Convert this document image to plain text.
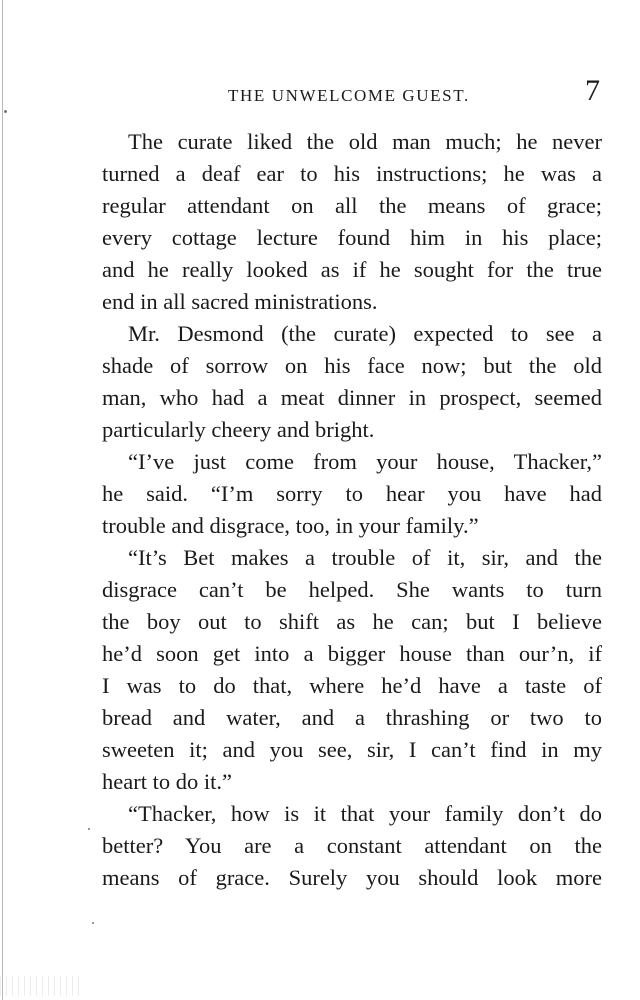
THE UNWELCOME GUEST.	7
The curate liked the old man much; he never
turned a deaf ear to his instructions; he was a
regular attendant on all the means of grace;
every cottage lecture found him in his place;
and he really looked as if he sought for the true
end in all sacred ministrations.
Mr. Desmond (the curate) expected to see a
shade of sorrow on his face now; but the old
man, who had a meat dinner in prospect, seemed
particularly cheery and bright.
“I’ve just come from your house, Thacker,”
he said. “I’m sorry to hear you have had
trouble and disgrace, too, in your family.”
“It’s Bet makes a trouble of it, sir, and the
disgrace can’t be helped. She wants to turn
the boy out to shift as he can; but I believe
he’d soon get into a bigger house than our’n, if
I was to do that, where he’d have a taste of
bread and water, and a thrashing or two to
sweeten it; and you see, sir, I can’t find in my
heart to do it.”
“Thacker, how is it that your family don’t do
better? You are a constant attendant on the
means of grace. Surely you should look more
